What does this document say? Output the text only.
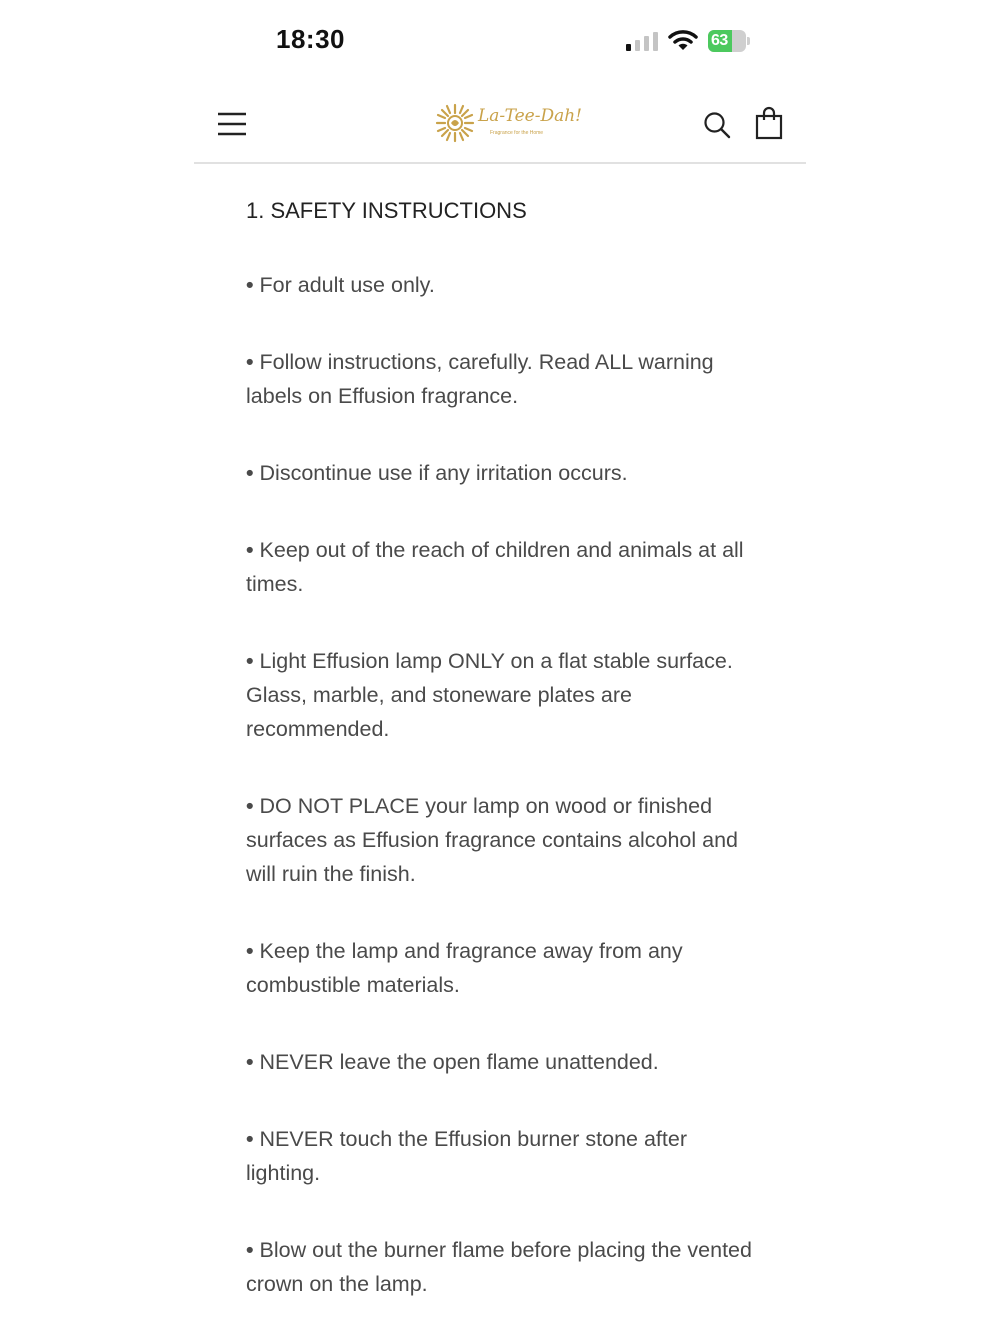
18:30	63
La-Tee-Dah!
Fragrance for the Home
1. SAFETY INSTRUCTIONS
• For adult use only.
• Follow instructions, carefully. Read ALL warning labels on Effusion fragrance.
• Discontinue use if any irritation occurs.
• Keep out of the reach of children and animals at all times.
• Light Effusion lamp ONLY on a flat stable surface. Glass, marble, and stoneware plates are recommended.
• DO NOT PLACE your lamp on wood or finished surfaces as Effusion fragrance contains alcohol and will ruin the finish.
• Keep the lamp and fragrance away from any combustible materials.
• NEVER leave the open flame unattended.
• NEVER touch the Effusion burner stone after lighting.
• Blow out the burner flame before placing the vented crown on the lamp.
